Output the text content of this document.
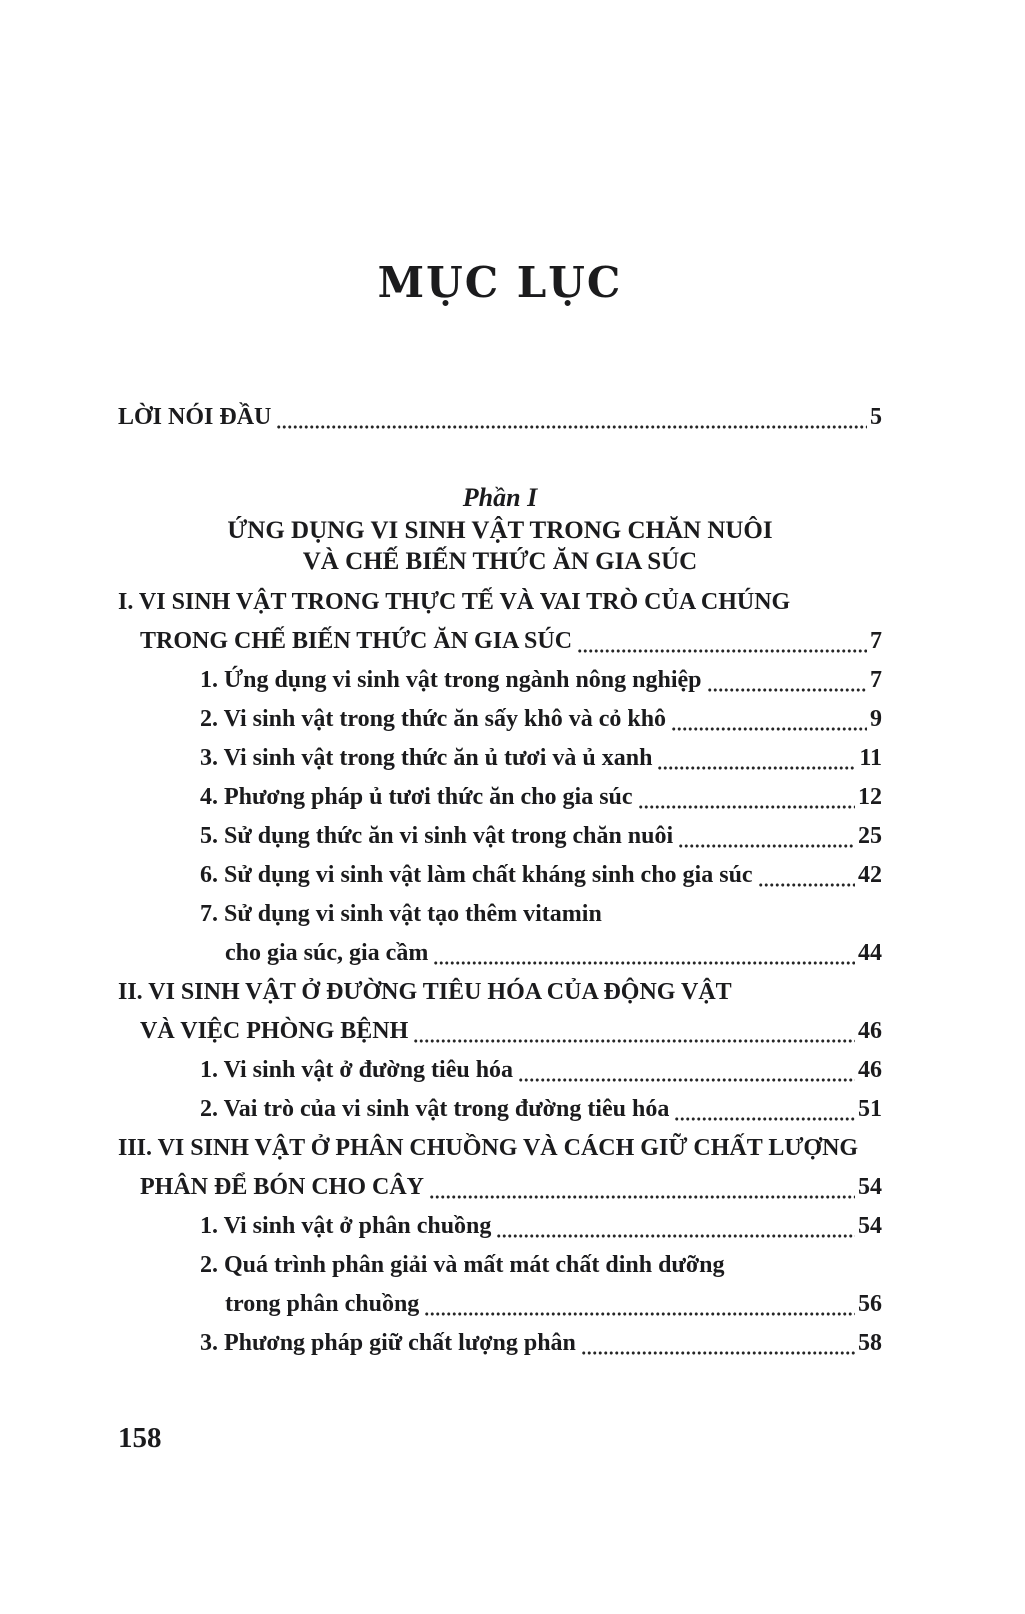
MỤC LỤC
LỜI NÓI ĐẦU	5
Phần I
ỨNG DỤNG VI SINH VẬT TRONG CHĂN NUÔI
VÀ CHẾ BIẾN THỨC ĂN GIA SÚC
I. VI SINH VẬT TRONG THỰC TẾ VÀ VAI TRÒ CỦA CHÚNG
TRONG CHẾ BIẾN THỨC ĂN GIA SÚC	7
1. Ứng dụng vi sinh vật trong ngành nông nghiệp	7
2. Vi sinh vật trong thức ăn sấy khô và cỏ khô	9
3. Vi sinh vật trong thức ăn ủ tươi và ủ xanh	11
4. Phương pháp ủ tươi thức ăn cho gia súc	12
5. Sử dụng thức ăn vi sinh vật trong chăn nuôi	25
6. Sử dụng vi sinh vật làm chất kháng sinh cho gia súc	42
7. Sử dụng vi sinh vật tạo thêm vitamin
cho gia súc, gia cầm	44
II. VI SINH VẬT Ở ĐƯỜNG TIÊU HÓA CỦA ĐỘNG VẬT
VÀ VIỆC PHÒNG BỆNH	46
1. Vi sinh vật ở đường tiêu hóa	46
2. Vai trò của vi sinh vật trong đường tiêu hóa	51
III. VI SINH VẬT Ở PHÂN CHUỒNG VÀ CÁCH GIỮ CHẤT LƯỢNG
PHÂN ĐỂ BÓN CHO CÂY	54
1. Vi sinh vật ở phân chuồng	54
2. Quá trình phân giải và mất mát chất dinh dưỡng
trong phân chuồng	56
3. Phương pháp giữ chất lượng phân	58
158
